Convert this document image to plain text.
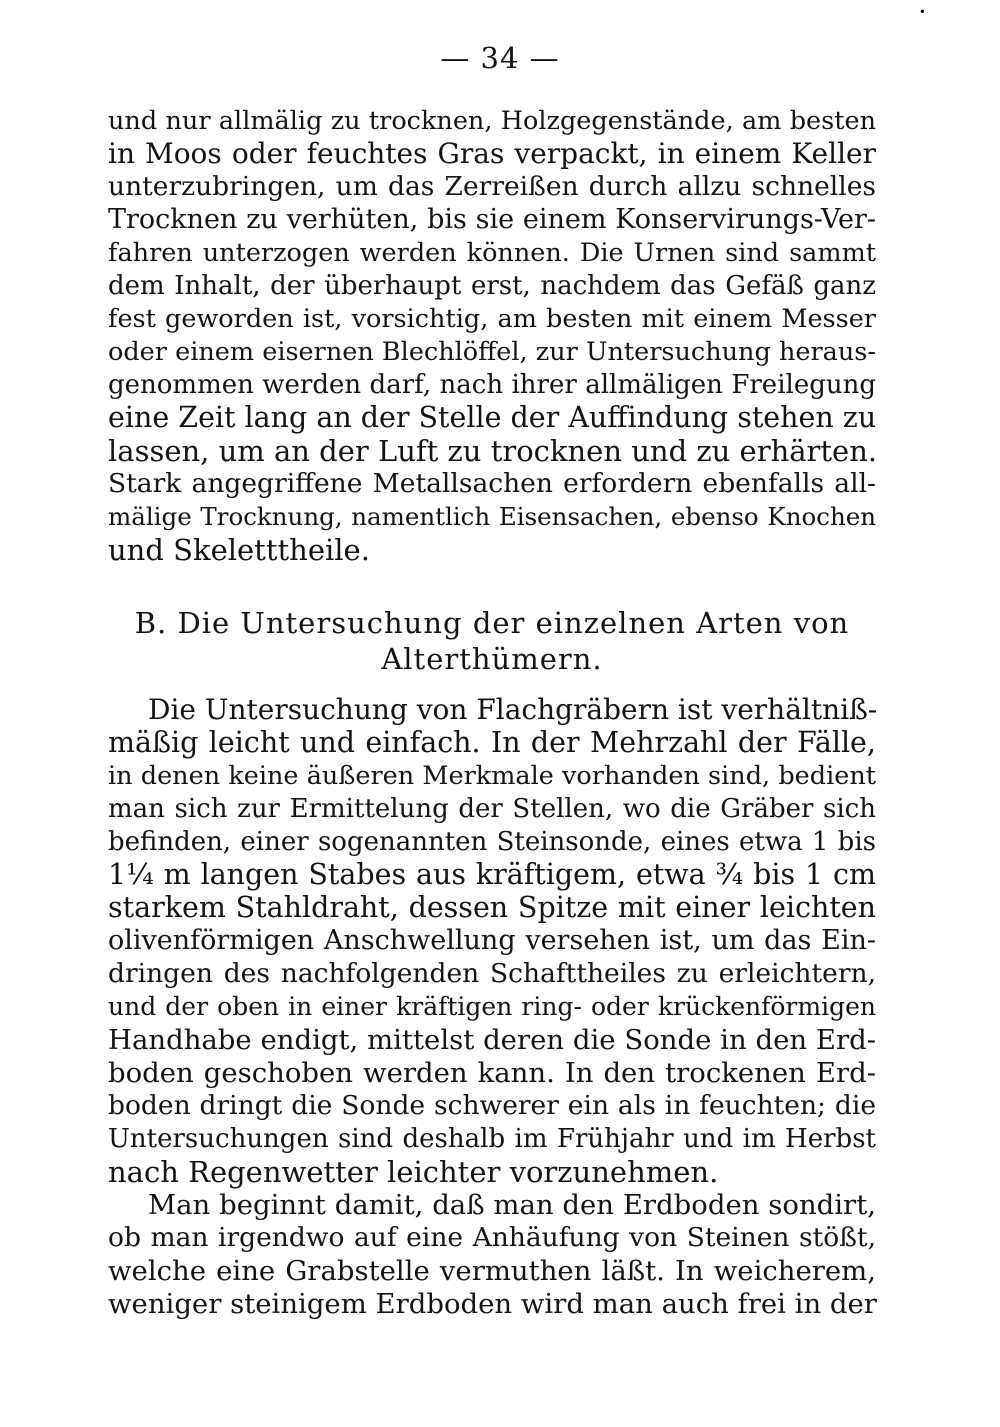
•
— 34 —
und nur allmälig zu trocknen, Holzgegenstände, am besten
in Moos oder feuchtes Gras verpackt, in einem Keller
unterzubringen, um das Zerreißen durch allzu schnelles
Trocknen zu verhüten, bis sie einem Konservirungs-Ver-
fahren unterzogen werden können. Die Urnen sind sammt
dem Inhalt, der überhaupt erst, nachdem das Gefäß ganz
fest geworden ist, vorsichtig, am besten mit einem Messer
oder einem eisernen Blechlöffel, zur Untersuchung heraus-
genommen werden darf, nach ihrer allmäligen Freilegung
eine Zeit lang an der Stelle der Auffindung stehen zu
lassen, um an der Luft zu trocknen und zu erhärten.
Stark angegriffene Metallsachen erfordern ebenfalls all-
mälige Trocknung, namentlich Eisensachen, ebenso Knochen
und Skeletttheile.
B. Die Untersuchung der einzelnen Arten von
Alterthümern.
Die Untersuchung von Flachgräbern ist verhältniß-
mäßig leicht und einfach. In der Mehrzahl der Fälle,
in denen keine äußeren Merkmale vorhanden sind, bedient
man sich zur Ermittelung der Stellen, wo die Gräber sich
befinden, einer sogenannten Steinsonde, eines etwa 1 bis
1¼ m langen Stabes aus kräftigem, etwa ¾ bis 1 cm
starkem Stahldraht, dessen Spitze mit einer leichten
olivenförmigen Anschwellung versehen ist, um das Ein-
dringen des nachfolgenden Schafttheiles zu erleichtern,
und der oben in einer kräftigen ring- oder krückenförmigen
Handhabe endigt, mittelst deren die Sonde in den Erd-
boden geschoben werden kann. In den trockenen Erd-
boden dringt die Sonde schwerer ein als in feuchten; die
Untersuchungen sind deshalb im Frühjahr und im Herbst
nach Regenwetter leichter vorzunehmen.
Man beginnt damit, daß man den Erdboden sondirt,
ob man irgendwo auf eine Anhäufung von Steinen stößt,
welche eine Grabstelle vermuthen läßt. In weicherem,
weniger steinigem Erdboden wird man auch frei in der
